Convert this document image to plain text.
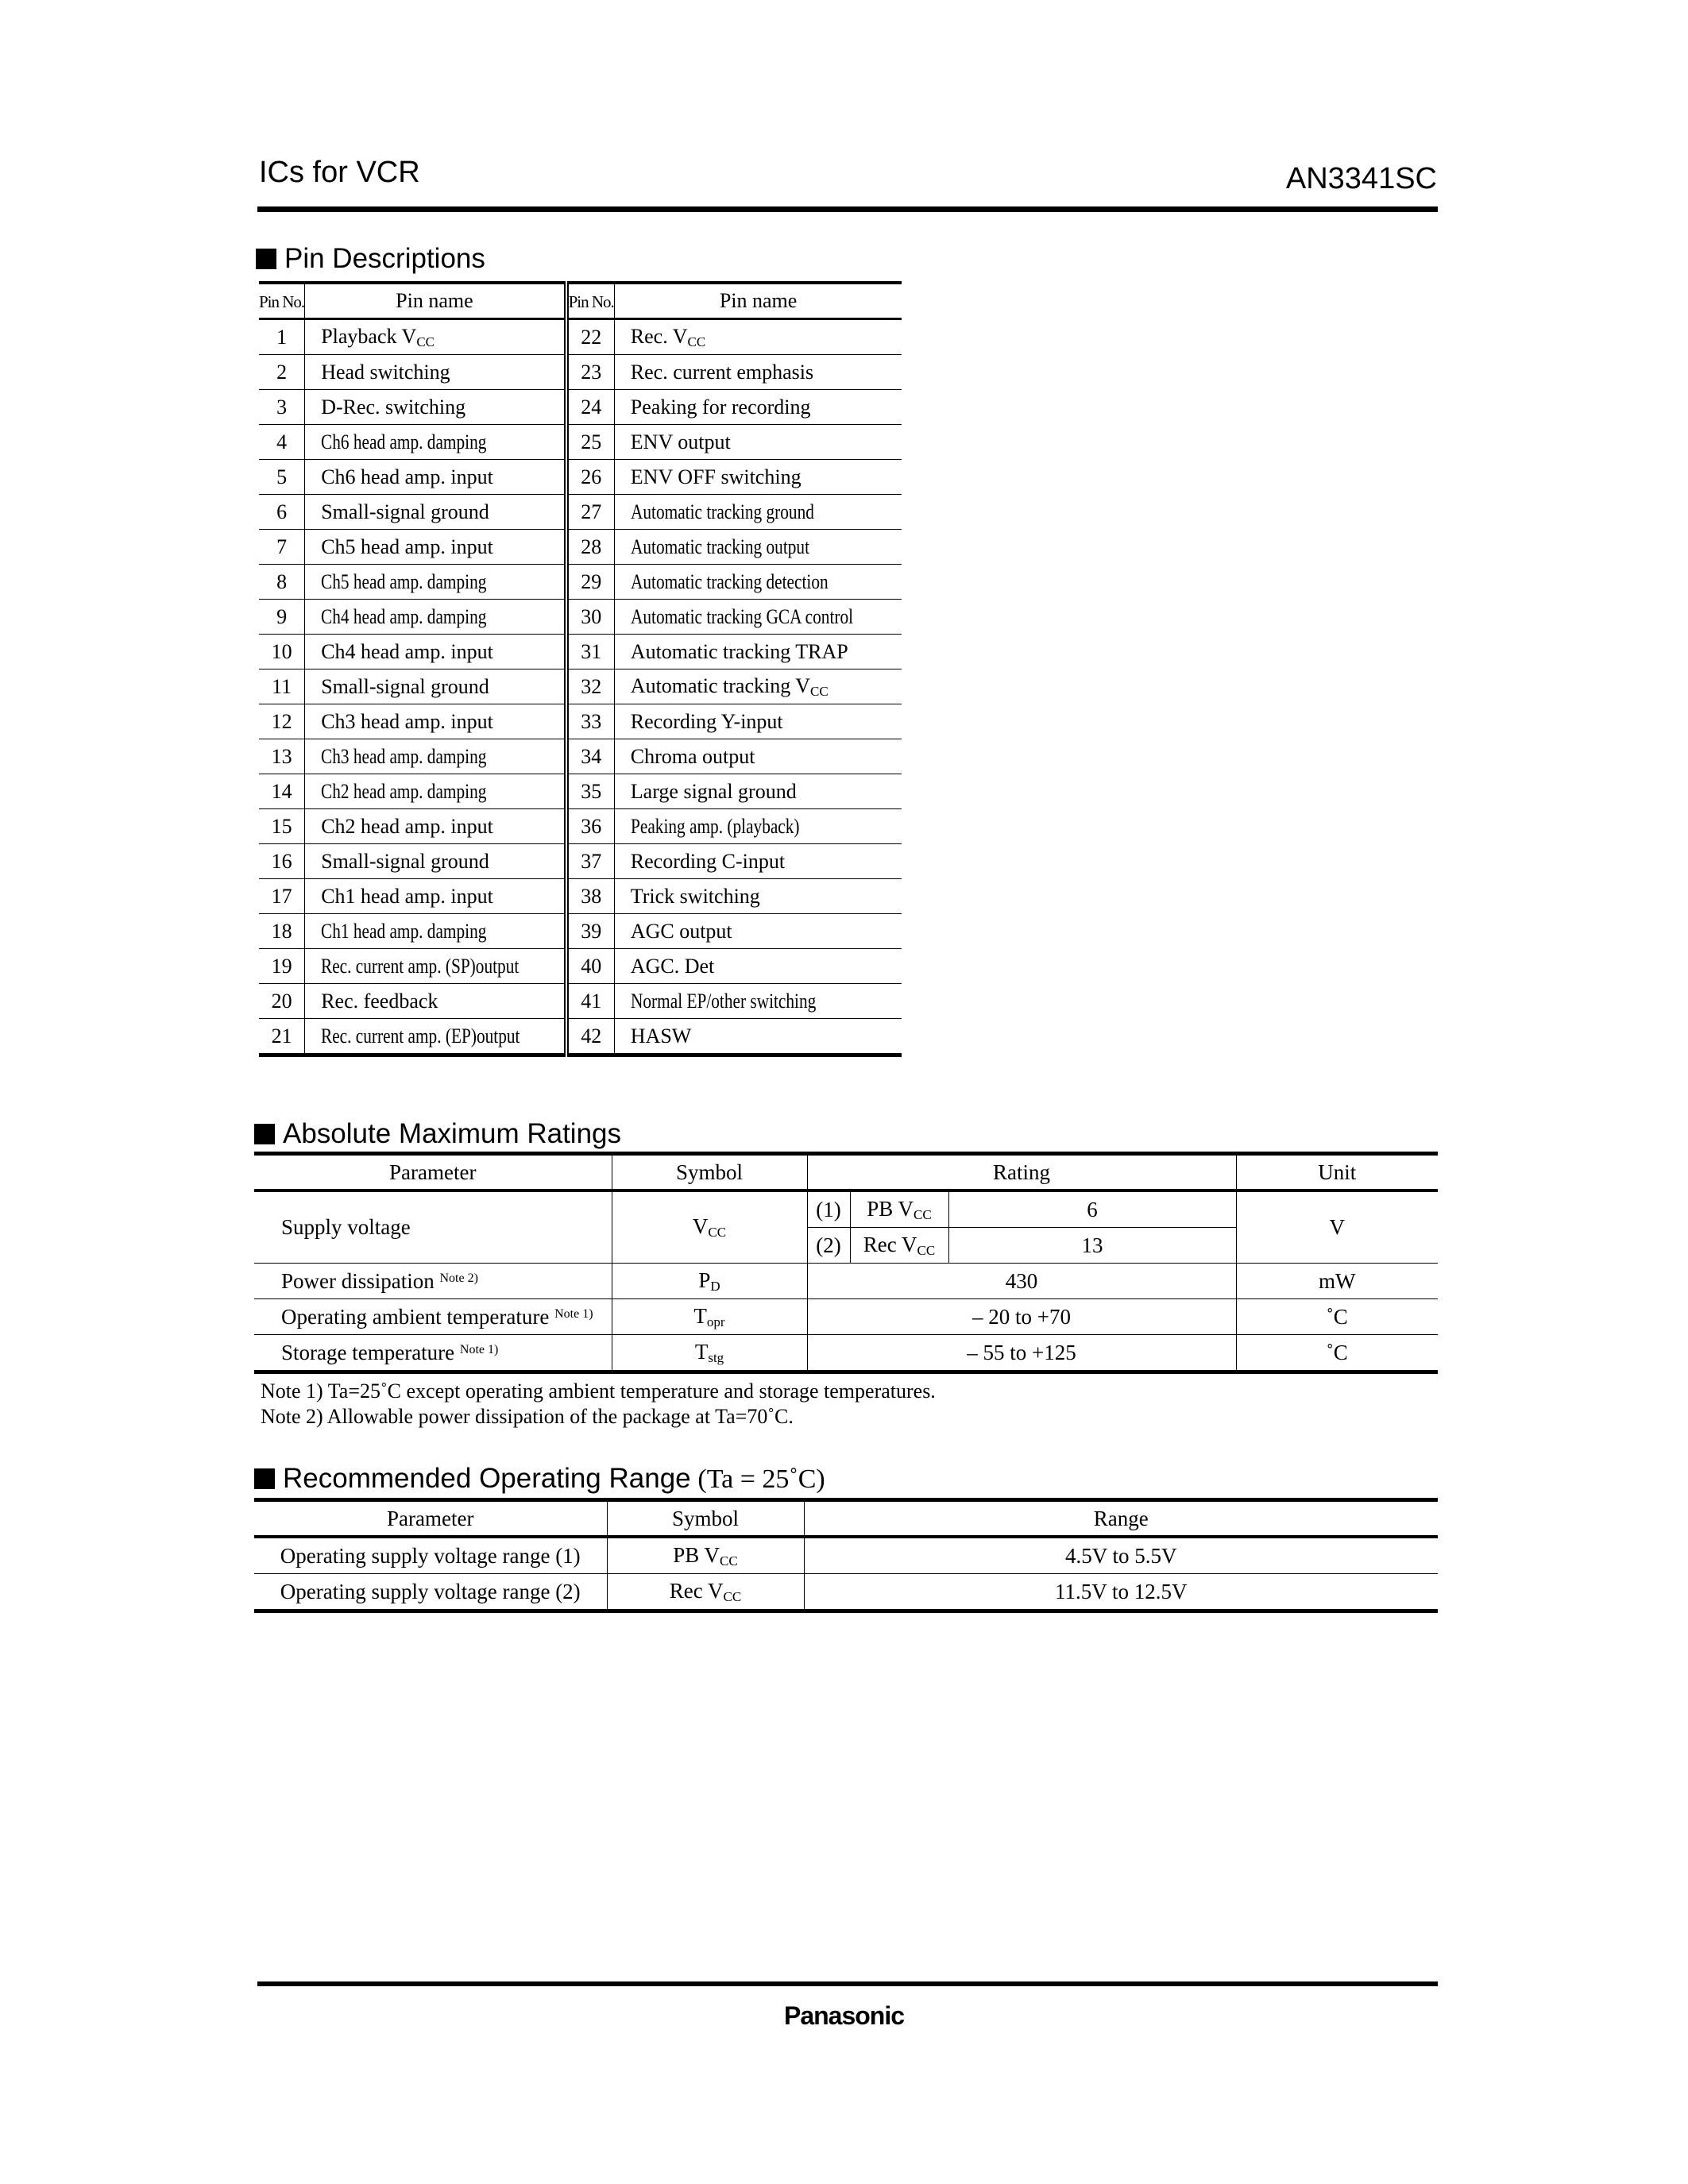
ICs for VCR	AN3341SC
Pin Descriptions
Pin No.	Pin name	Pin No.	Pin name
1	Playback $V_{CC}$	22	Rec. $V_{CC}$
2	Head switching	23	Rec. current emphasis
3	D-Rec. switching	24	Peaking for recording
4	Ch6 head amp. damping	25	ENV output
5	Ch6 head amp. input	26	ENV OFF switching
6	Small-signal ground	27	Automatic tracking ground
7	Ch5 head amp. input	28	Automatic tracking output
8	Ch5 head amp. damping	29	Automatic tracking detection
9	Ch4 head amp. damping	30	Automatic tracking GCA control
10	Ch4 head amp. input	31	Automatic tracking TRAP
11	Small-signal ground	32	Automatic tracking $V_{CC}$
12	Ch3 head amp. input	33	Recording Y-input
13	Ch3 head amp. damping	34	Chroma output
14	Ch2 head amp. damping	35	Large signal ground
15	Ch2 head amp. input	36	Peaking amp. (playback)
16	Small-signal ground	37	Recording C-input
17	Ch1 head amp. input	38	Trick switching
18	Ch1 head amp. damping	39	AGC output
19	Rec. current amp. (SP)output	40	AGC. Det
20	Rec. feedback	41	Normal EP/other switching
21	Rec. current amp. (EP)output	42	HASW
Absolute Maximum Ratings
Parameter	Symbol	Rating			Unit
Supply voltage	$V_{CC}$	(1)	PB $V_{CC}$	6	V
		(2)	Rec $V_{CC}$	13	
Power dissipation $^{Note 2)}$	$P_D$	430			mW
Operating ambient temperature $^{Note 1)}$	$T_{opr}$	– 20 to +70			˚C
Storage temperature $^{Note 1)}$	$T_{stg}$	– 55 to +125			˚C
Note 1) Ta=25˚C except operating ambient temperature and storage temperatures.
Note 2) Allowable power dissipation of the package at Ta=70˚C.
Recommended Operating Range (Ta = 25˚C)
Parameter	Symbol	Range
Operating supply voltage range (1)	PB $V_{CC}$	4.5V to 5.5V
Operating supply voltage range (2)	Rec $V_{CC}$	11.5V to 12.5V
Panasonic
